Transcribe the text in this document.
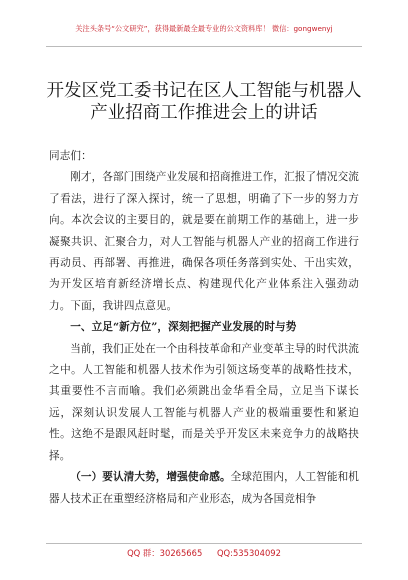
关注头条号“公文研究”，获得最新最全最专业的公文资料库！ 微信：gongwenyj
开发区党工委书记在区人工智能与机器人产业招商工作推进会上的讲话

同志们：

刚才，各部门围绕产业发展和招商推进工作，汇报了情况交流了看法，进行了深入探讨，统一了思想，明确了下一步的努力方向。本次会议的主要目的，就是要在前期工作的基础上，进一步凝聚共识、汇聚合力，对人工智能与机器人产业的招商工作进行再动员、再部署、再推进，确保各项任务落到实处、干出实效，为开发区培育新经济增长点、构建现代化产业体系注入强劲动力。下面，我讲四点意见。

一、立足“新方位”，深刻把握产业发展的时与势

当前，我们正处在一个由科技革命和产业变革主导的时代洪流之中。人工智能和机器人技术作为引领这场变革的战略性技术，其重要性不言而喻。我们必须跳出金华看全局，立足当下谋长远，深刻认识发展人工智能与机器人产业的极端重要性和紧迫性。这绝不是跟风赶时髦，而是关乎开发区未来竞争力的战略抉择。

（一）要认清大势，增强使命感。全球范围内，人工智能和机器人技术正在重塑经济格局和产业形态，成为各国竞相争

QQ 群：30265665 QQ:535304092
